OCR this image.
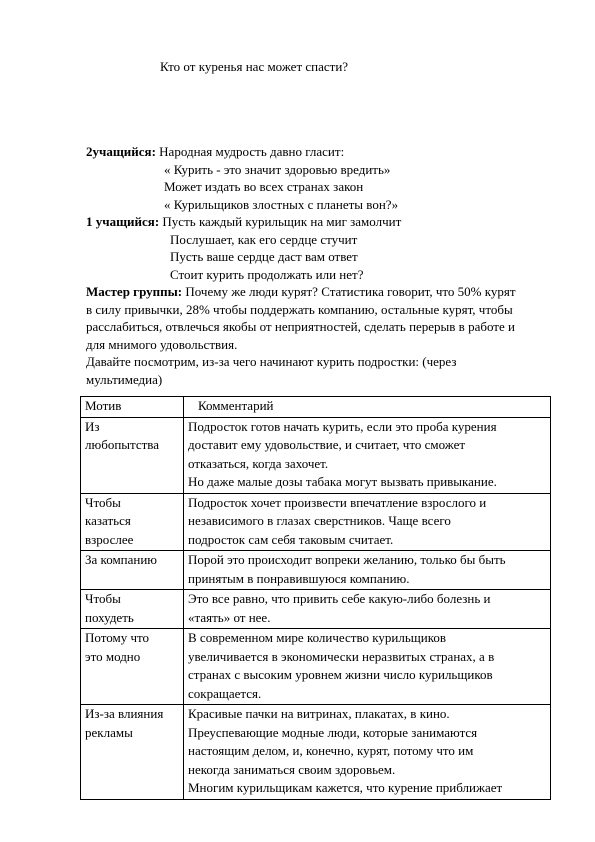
Кто от куренья нас может спасти?
2учащийся: Народная мудрость давно гласит:
« Курить - это значит здоровью вредить»
Может издать во всех странах закон
« Курильщиков злостных с планеты вон?»
1 учащийся: Пусть каждый курильщик на миг замолчит
Послушает, как его сердце стучит
Пусть ваше сердце даст вам ответ
Стоит курить продолжать или нет?
Мастер группы: Почему же люди курят? Статистика говорит, что 50% курят
в силу привычки, 28% чтобы поддержать компанию, остальные курят, чтобы
расслабиться, отвлечься якобы от неприятностей, сделать перерыв в работе и
для мнимого удовольствия.
Давайте посмотрим, из-за чего начинают курить подростки: (через
мультимедиа)
Мотив	Комментарий

Из
любопытства	Подросток готов начать курить, если это проба курения
доставит ему удовольствие, и считает, что сможет
отказаться, когда захочет.
Но даже малые дозы табака могут вызвать привыкание.

Чтобы
казаться
взрослее	Подросток хочет произвести впечатление взрослого и
независимого в глазах сверстников. Чаще всего
подросток сам себя таковым считает.

За компанию	Порой это происходит вопреки желанию, только бы быть
принятым в понравившуюся компанию.

Чтобы
похудеть	Это все равно, что привить себе какую-либо болезнь и
«таять» от нее.

Потому что
это модно	В современном мире количество курильщиков
увеличивается в экономически неразвитых странах, а в
странах с высоким уровнем жизни число курильщиков
сокращается.

Из-за влияния
рекламы	Красивые пачки на витринах, плакатах, в кино.
Преуспевающие модные люди, которые занимаются
настоящим делом, и, конечно, курят, потому что им
некогда заниматься своим здоровьем.
Многим курильщикам кажется, что курение приближает
